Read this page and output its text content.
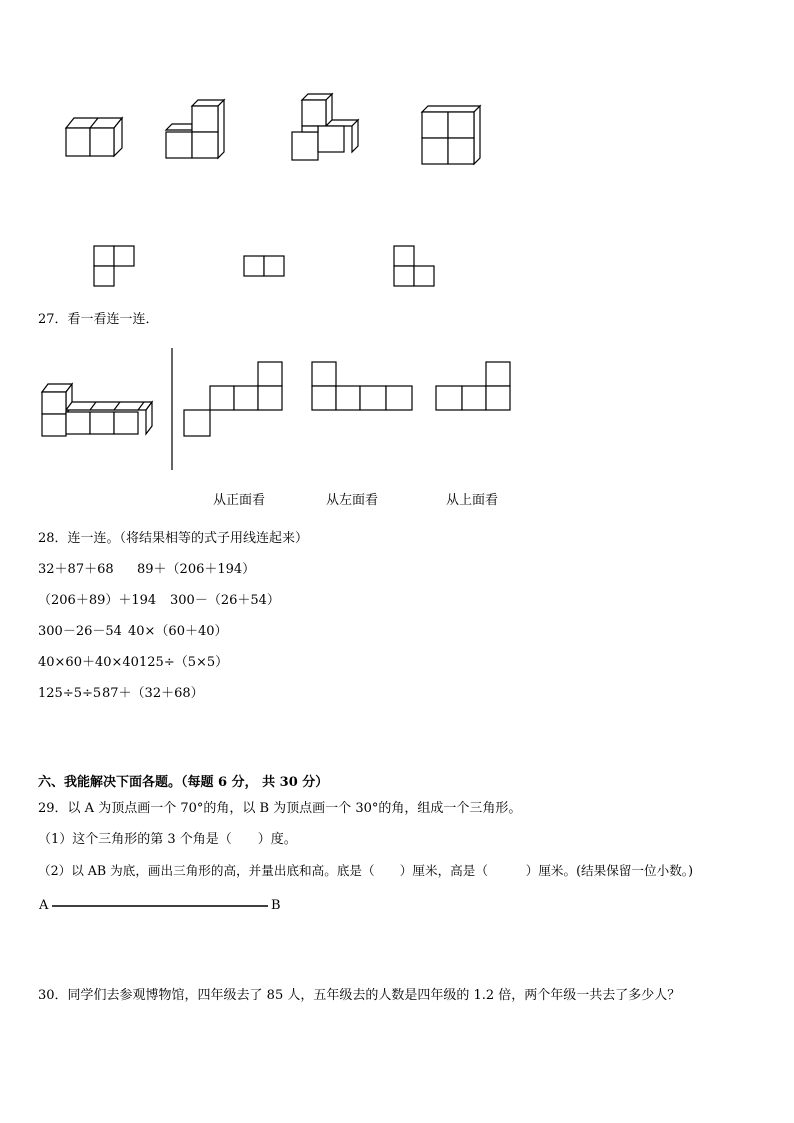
27．看一看连一连．
从正面看	从左面看	从上面看
28．连一连。（将结果相等的式子用线连起来）
32＋87＋68 89＋（206＋194）
（206＋89）＋194 300－（26＋54）
300－26－54 40×（60＋40）
40×60＋40×40 125÷（5×5）
125÷5÷5 87＋（32＋68）
六、我能解决下面各题。（每题 6 分， 共 30 分）
29．以 A 为顶点画一个 70°的角，以 B 为顶点画一个 30°的角，组成一个三角形。
（1）这个三角形的第 3 个角是（　　）度。
（2）以 AB 为底，画出三角形的高，并量出底和高。底是（　　）厘米，高是（　　　）厘米。(结果保留一位小数。)
A	B
30．同学们去参观博物馆，四年级去了 85 人，五年级去的人数是四年级的 1.2 倍，两个年级一共去了多少人？
